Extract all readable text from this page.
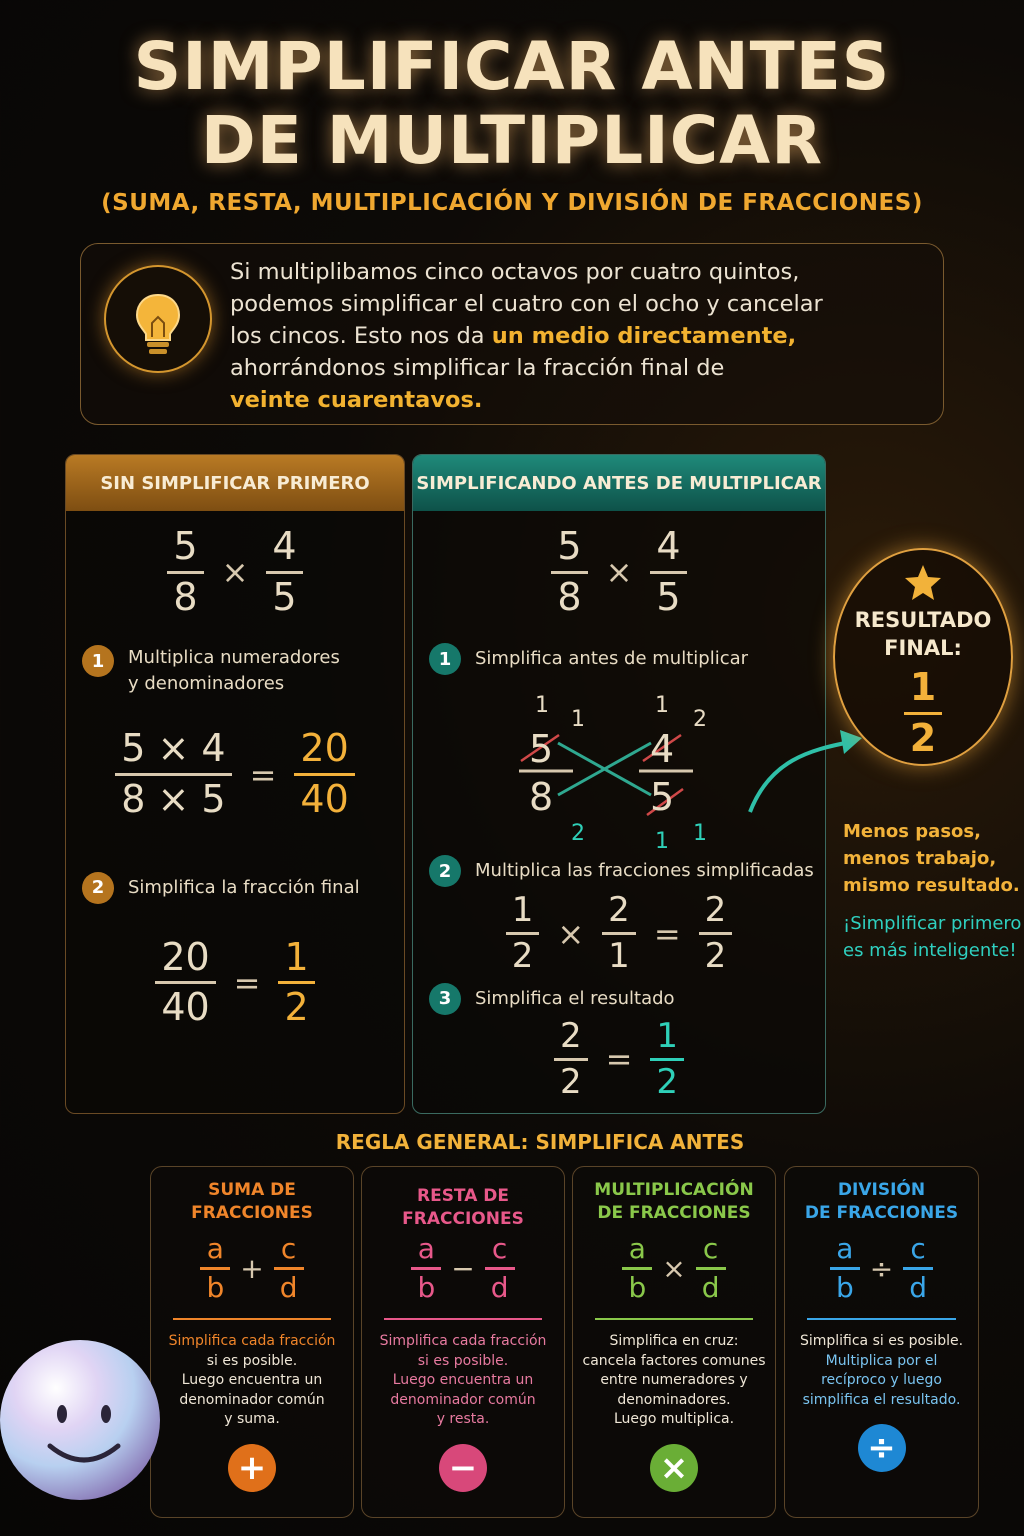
SIMPLIFICAR ANTES
DE MULTIPLICAR
(SUMA, RESTA, MULTIPLICACIÓN Y DIVISIÓN DE FRACCIONES)
Si multiplibamos cinco octavos por cuatro quintos,
podemos simplificar el cuatro con el ocho y cancelar
los cincos. Esto nos da un medio directamente,
ahorrándonos simplificar la fracción final de
veinte cuarentavos.
SIN SIMPLIFICAR PRIMERO
$\frac{5}{8} \times \frac{4}{5}$
1	Multiplica numeradores
y denominadores
$\frac{5 \times 4}{8 \times 5} = \frac{20}{40}$
2	Simplifica la fracción final
$\frac{20}{40} = \frac{1}{2}$
SIMPLIFICANDO ANTES DE MULTIPLICAR
$\frac{5}{8} \times \frac{4}{5}$
1	Simplifica antes de multiplicar
5
8
4
5
1
1
1
2
2	1 1
2	Multiplica las fracciones simplificadas
$\frac{1}{2} \times \frac{2}{1} = \frac{2}{2}$
3	Simplifica el resultado
$\frac{2}{2} = \frac{1}{2}$
RESULTADO
FINAL:
$\frac{1}{2}$
Menos pasos,
menos trabajo,
mismo resultado.
¡Simplificar primero
es más inteligente!
REGLA GENERAL: SIMPLIFICA ANTES
SUMA DE
FRACCIONES
$\frac{a}{b} + \frac{c}{d}$
Simplifica cada fracción
si es posible.
Luego encuentra un
denominador común
y suma.
+
RESTA DE FRACCIONES
$\frac{a}{b} - \frac{c}{d}$
Simplifica cada fracción
si es posible.
Luego encuentra un
denominador común
y resta.
−
MULTIPLICACIÓN
DE FRACCIONES
$\frac{a}{b} \times \frac{c}{d}$
Simplifica en cruz:
cancela factores comunes
entre numeradores y
denominadores.
Luego multiplica.
×
DIVISIÓN
DE FRACCIONES
$\frac{a}{b} \div \frac{c}{d}$
Simplifica si es posible.
Multiplica por el
recíproco y luego
simplifica el resultado.
÷
